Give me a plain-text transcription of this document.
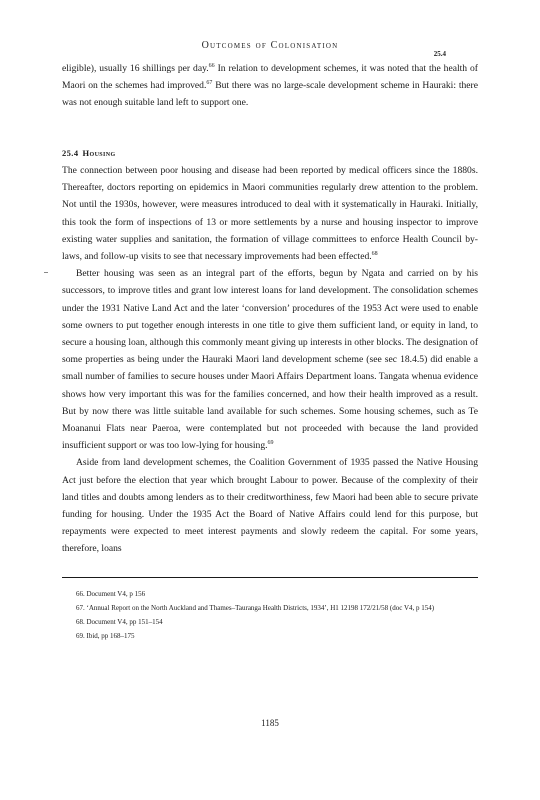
Outcomes of Colonisation
25.4

eligible), usually 16 shillings per day.$^{66}$ In relation to development schemes, it was noted that the health of Maori on the schemes had improved.$^{67}$ But there was no large-scale development scheme in Hauraki: there was not enough suitable land left to support one.

25.4 Housing

The connection between poor housing and disease had been reported by medical officers since the 1880s. Thereafter, doctors reporting on epidemics in Maori communities regularly drew attention to the problem. Not until the 1930s, however, were measures introduced to deal with it systematically in Hauraki. Initially, this took the form of inspections of 13 or more settlements by a nurse and housing inspector to improve existing water supplies and sanitation, the formation of village committees to enforce Health Council by-laws, and follow-up visits to see that necessary improvements had been effected.$^{68}$

Better housing was seen as an integral part of the efforts, begun by Ngata and carried on by his successors, to improve titles and grant low interest loans for land development. The consolidation schemes under the 1931 Native Land Act and the later ‘conversion’ procedures of the 1953 Act were used to enable some owners to put together enough interests in one title to give them sufficient land, or equity in land, to secure a housing loan, although this commonly meant giving up interests in other blocks. The designation of some properties as being under the Hauraki Maori land development scheme (see sec 18.4.5) did enable a small number of families to secure houses under Maori Affairs Department loans. Tangata whenua evidence shows how very important this was for the families concerned, and how their health improved as a result. But by now there was little suitable land available for such schemes. Some housing schemes, such as Te Moananui Flats near Paeroa, were contemplated but not proceeded with because the land provided insufficient support or was too low-lying for housing.$^{69}$

Aside from land development schemes, the Coalition Government of 1935 passed the Native Housing Act just before the election that year which brought Labour to power. Because of the complexity of their land titles and doubts among lenders as to their creditworthiness, few Maori had been able to secure private funding for housing. Under the 1935 Act the Board of Native Affairs could lend for this purpose, but repayments were expected to meet interest payments and slowly redeem the capital. For some years, therefore, loans

66. Document V4, p 156

67. ‘Annual Report on the North Auckland and Thames–Tauranga Health Districts, 1934’, H1 12198 172/21/58 (doc V4, p 154)

68. Document V4, pp 151–154

69. Ibid, pp 168–175

1185
